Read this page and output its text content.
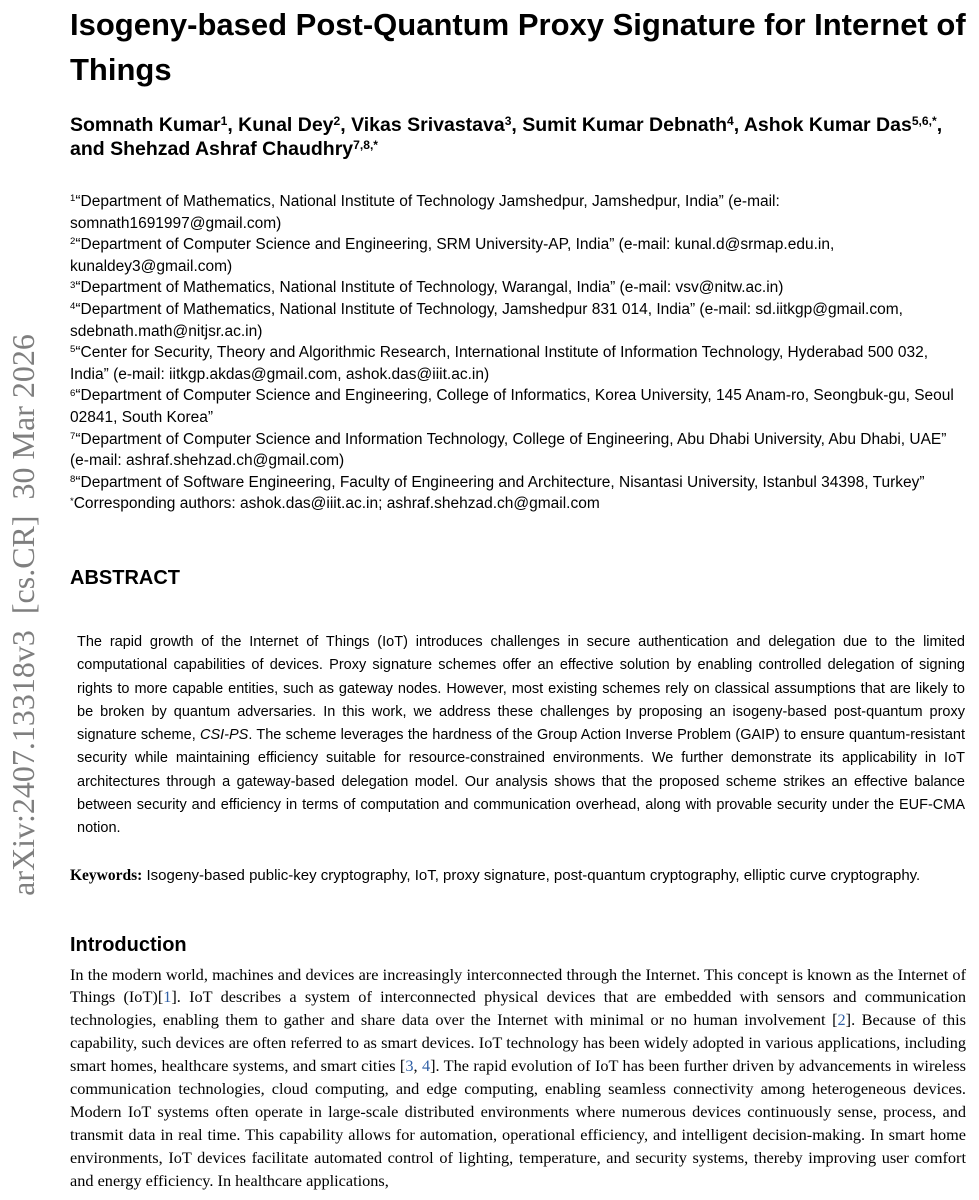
arXiv:2407.13318v3  [cs.CR]  30 Mar 2026
Isogeny-based Post-Quantum Proxy Signature for Internet of Things
Somnath Kumar$^1$, Kunal Dey$^2$, Vikas Srivastava$^3$, Sumit Kumar Debnath$^4$, Ashok Kumar Das$^{5,6,*}$, and Shehzad Ashraf Chaudhry$^{7,8,*}$
$^1$“Department of Mathematics, National Institute of Technology Jamshedpur, Jamshedpur, India” (e-mail: somnath1691997@gmail.com)
$^2$“Department of Computer Science and Engineering, SRM University-AP, India” (e-mail: kunal.d@srmap.edu.in, kunaldey3@gmail.com)
$^3$“Department of Mathematics, National Institute of Technology, Warangal, India” (e-mail: vsv@nitw.ac.in)
$^4$“Department of Mathematics, National Institute of Technology, Jamshedpur 831 014, India” (e-mail: sd.iitkgp@gmail.com, sdebnath.math@nitjsr.ac.in)
$^5$“Center for Security, Theory and Algorithmic Research, International Institute of Information Technology, Hyderabad 500 032, India” (e-mail: iitkgp.akdas@gmail.com, ashok.das@iiit.ac.in)
$^6$“Department of Computer Science and Engineering, College of Informatics, Korea University, 145 Anam-ro, Seongbuk-gu, Seoul 02841, South Korea”
$^7$“Department of Computer Science and Information Technology, College of Engineering, Abu Dhabi University, Abu Dhabi, UAE” (e-mail: ashraf.shehzad.ch@gmail.com)
$^8$“Department of Software Engineering, Faculty of Engineering and Architecture, Nisantasi University, Istanbul 34398, Turkey”
*Corresponding authors: ashok.das@iiit.ac.in; ashraf.shehzad.ch@gmail.com
ABSTRACT

The rapid growth of the Internet of Things (IoT) introduces challenges in secure authentication and delegation due to the limited computational capabilities of devices. Proxy signature schemes offer an effective solution by enabling controlled delegation of signing rights to more capable entities, such as gateway nodes. However, most existing schemes rely on classical assumptions that are likely to be broken by quantum adversaries. In this work, we address these challenges by proposing an isogeny-based post-quantum proxy signature scheme, CSI-PS. The scheme leverages the hardness of the Group Action Inverse Problem (GAIP) to ensure quantum-resistant security while maintaining efficiency suitable for resource-constrained environments. We further demonstrate its applicability in IoT architectures through a gateway-based delegation model. Our analysis shows that the proposed scheme strikes an effective balance between security and efficiency in terms of computation and communication overhead, along with provable security under the EUF-CMA notion.

Keywords: Isogeny-based public-key cryptography, IoT, proxy signature, post-quantum cryptography, elliptic curve cryptography.

Introduction

In the modern world, machines and devices are increasingly interconnected through the Internet. This concept is known as the Internet of Things (IoT)[1]. IoT describes a system of interconnected physical devices that are embedded with sensors and communication technologies, enabling them to gather and share data over the Internet with minimal or no human involvement [2]. Because of this capability, such devices are often referred to as smart devices. IoT technology has been widely adopted in various applications, including smart homes, healthcare systems, and smart cities [3, 4]. The rapid evolution of IoT has been further driven by advancements in wireless communication technologies, cloud computing, and edge computing, enabling seamless connectivity among heterogeneous devices. Modern IoT systems often operate in large-scale distributed environments where numerous devices continuously sense, process, and transmit data in real time. This capability allows for automation, operational efficiency, and intelligent decision-making. In smart home environments, IoT devices facilitate automated control of lighting, temperature, and security systems, thereby improving user comfort and energy efficiency. In healthcare applications,
